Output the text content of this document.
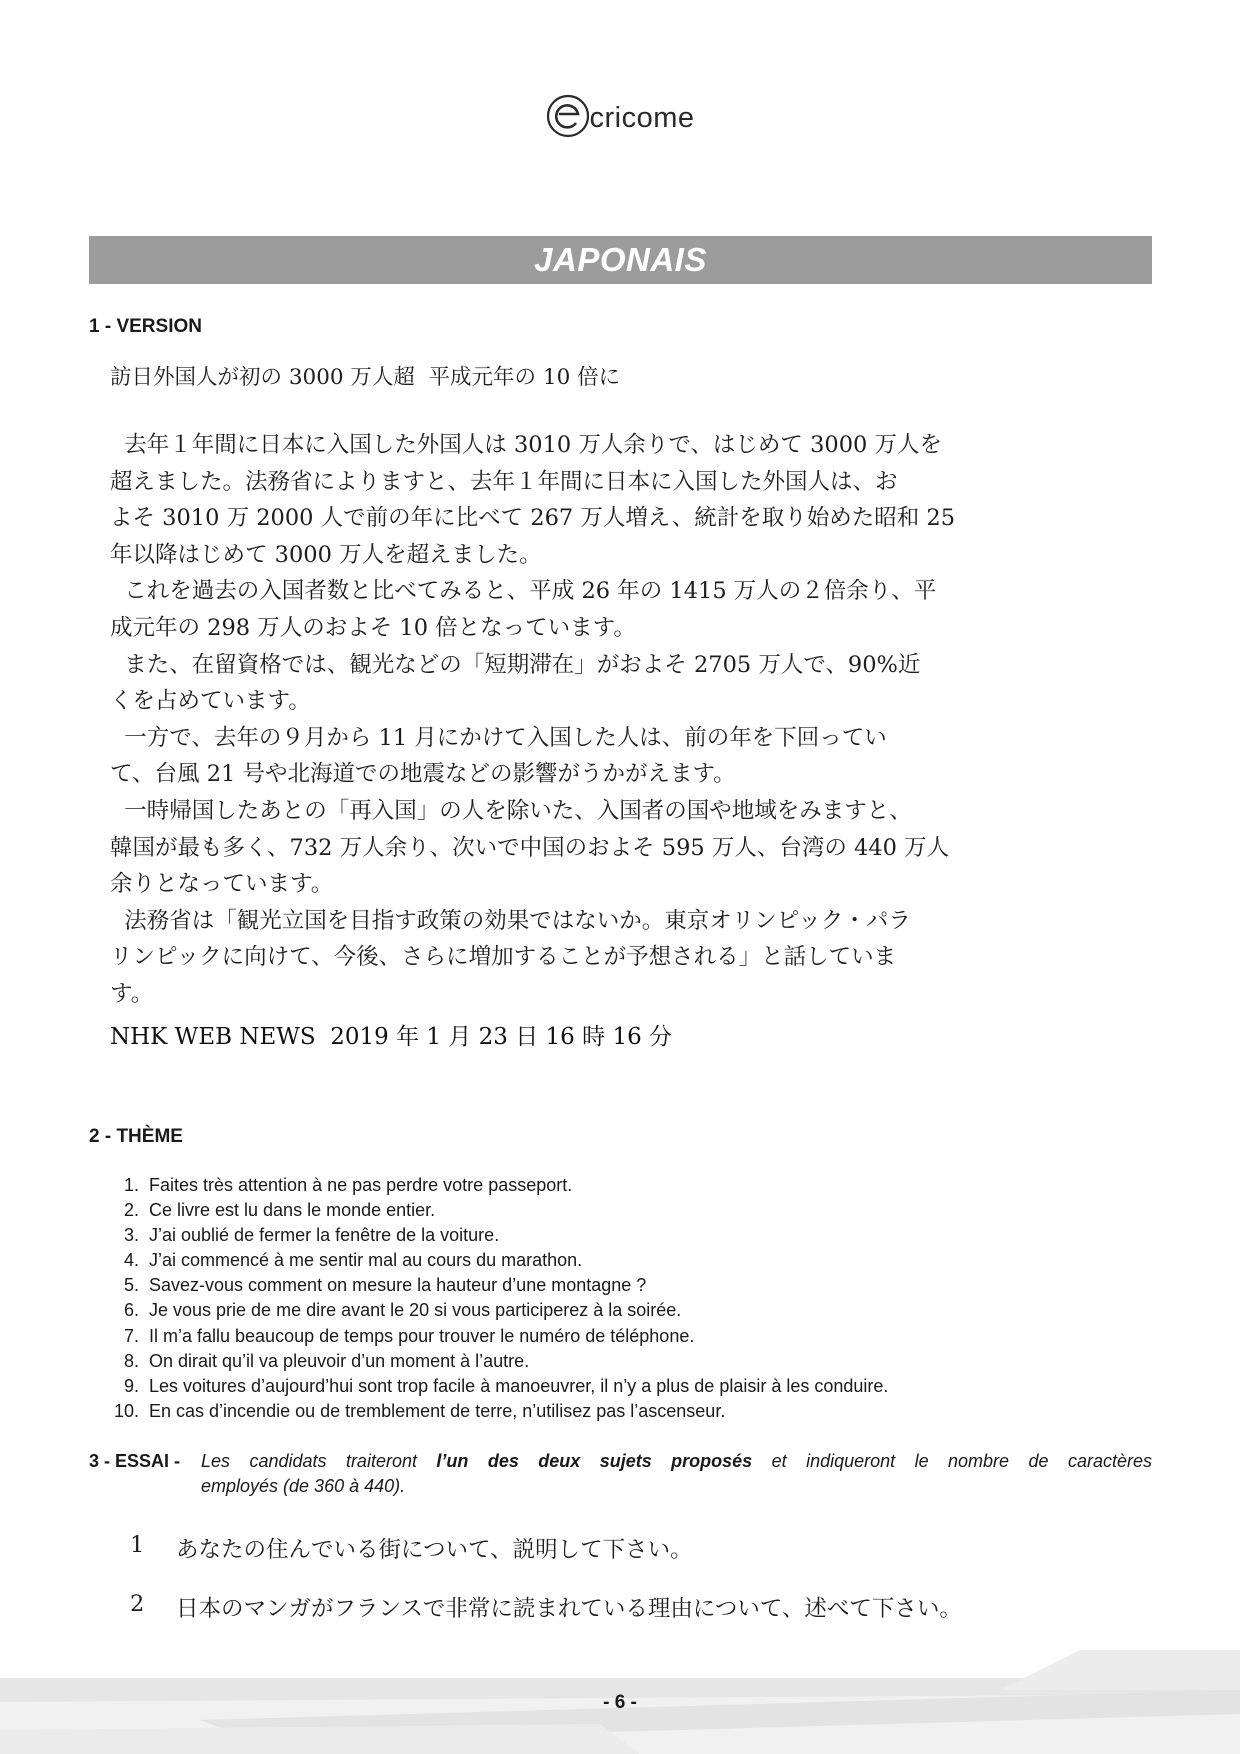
cricome
JAPONAIS
1 - VERSION
訪日外国人が初の 3000 万人超  平成元年の 10 倍に
去年１年間に日本に入国した外国人は 3010 万人余りで、はじめて 3000 万人を
超えました。法務省によりますと、去年１年間に日本に入国した外国人は、お
よそ 3010 万 2000 人で前の年に比べて 267 万人増え、統計を取り始めた昭和 25
年以降はじめて 3000 万人を超えました。
これを過去の入国者数と比べてみると、平成 26 年の 1415 万人の２倍余り、平
成元年の 298 万人のおよそ 10 倍となっています。
また、在留資格では、観光などの「短期滞在」がおよそ 2705 万人で、90%近
くを占めています。
一方で、去年の９月から 11 月にかけて入国した人は、前の年を下回ってい
て、台風 21 号や北海道での地震などの影響がうかがえます。
一時帰国したあとの「再入国」の人を除いた、入国者の国や地域をみますと、
韓国が最も多く、732 万人余り、次いで中国のおよそ 595 万人、台湾の 440 万人
余りとなっています。
法務省は「観光立国を目指す政策の効果ではないか。東京オリンピック・パラ
リンピックに向けて、今後、さらに増加することが予想される」と話していま
す。
NHK WEB NEWS  2019 年 1 月 23 日 16 時 16 分
2 - THÈME
1. Faites très attention à ne pas perdre votre passeport.
2. Ce livre est lu dans le monde entier.
3. J’ai oublié de fermer la fenêtre de la voiture.
4. J’ai commencé à me sentir mal au cours du marathon.
5. Savez-vous comment on mesure la hauteur d’une montagne ?
6. Je vous prie de me dire avant le 20 si vous participerez à la soirée.
7. Il m’a fallu beaucoup de temps pour trouver le numéro de téléphone.
8. On dirait qu’il va pleuvoir d’un moment à l’autre.
9. Les voitures d’aujourd’hui sont trop facile à manoeuvrer, il n’y a plus de plaisir à les conduire.
10. En cas d’incendie ou de tremblement de terre, n’utilisez pas l’ascenseur.
3 - ESSAI - Les candidats traiteront l’un des deux sujets proposés et indiqueront le nombre de caractères
employés (de 360 à 440).
1	あなたの住んでいる街について、説明して下さい。
2	日本のマンガがフランスで非常に読まれている理由について、述べて下さい。
- 6 -
